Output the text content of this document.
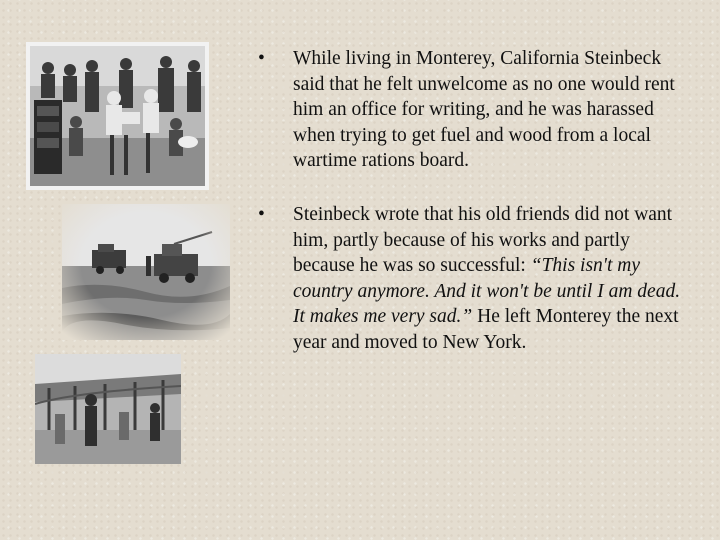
• While living in Monterey, California Steinbeck said that he felt unwelcome as no one would rent him an office for writing, and he was harassed when trying to get fuel and wood from a local wartime rations board.
• Steinbeck wrote that his old friends did not want him, partly because of his works and partly because he was so successful: “This isn't my country anymore. And it won't be until I am dead. It makes me very sad.” He left Monterey the next year and moved to New York.
